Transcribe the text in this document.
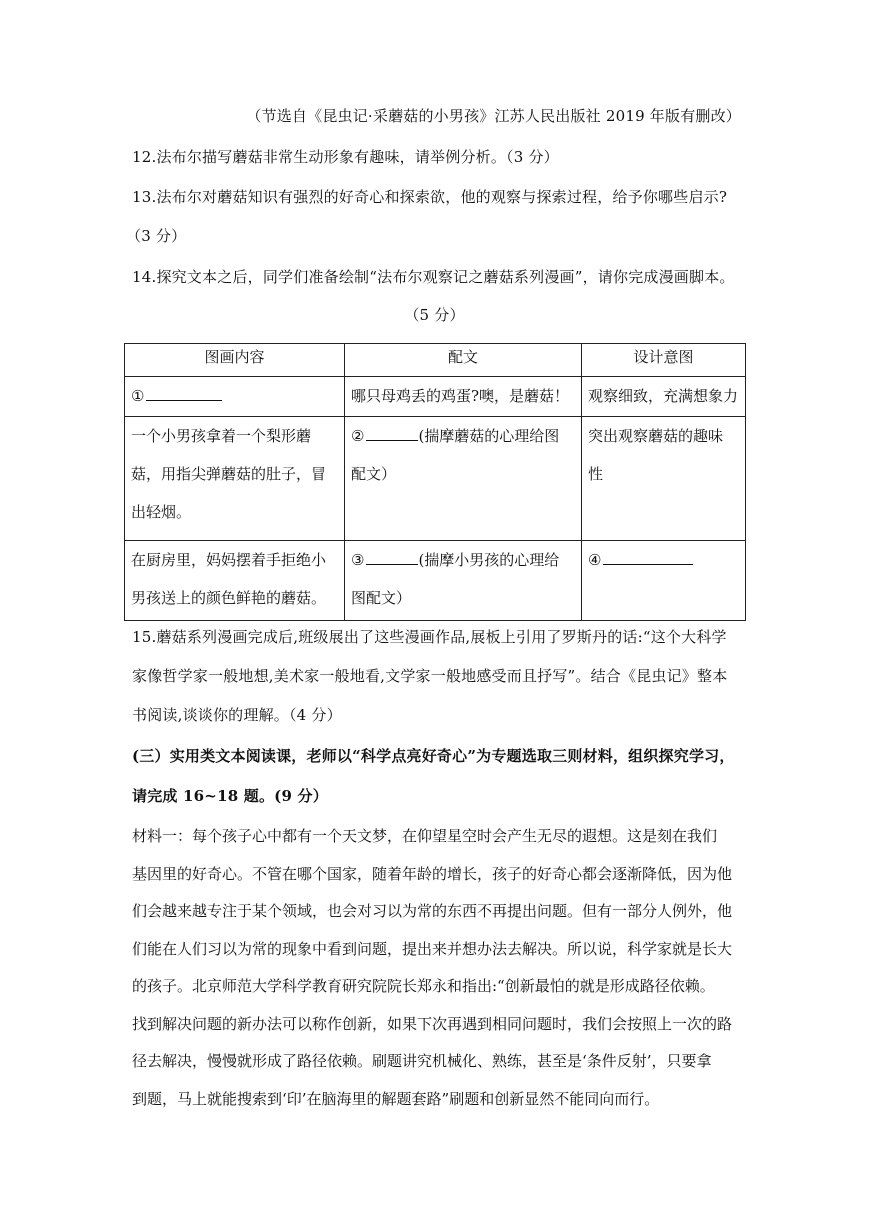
（节选自《昆虫记·采蘑菇的小男孩》江苏人民出版社 2019 年版有删改）
12.法布尔描写蘑菇非常生动形象有趣味，请举例分析。（3 分）
13.法布尔对蘑菇知识有强烈的好奇心和探索欲，他的观察与探索过程，给予你哪些启示?
（3 分）
14.探究文本之后，同学们准备绘制“法布尔观察记之蘑菇系列漫画”，请你完成漫画脚本。
（5 分）
图画内容	配文	设计意图
①	哪只母鸡丢的鸡蛋?噢，是蘑菇！	观察细致，充满想象力

一个小男孩拿着一个梨形蘑
菇，用指尖弹蘑菇的肚子，冒
出轻烟。	② (揣摩蘑菇的心理给图
配文）	突出观察蘑菇的趣味
性

在厨房里，妈妈摆着手拒绝小
男孩送上的颜色鲜艳的蘑菇。	③ (揣摩小男孩的心理给
图配文）	④
15.蘑菇系列漫画完成后,班级展出了这些漫画作品,展板上引用了罗斯丹的话:“这个大科学
家像哲学家一般地想,美术家一般地看,文学家一般地感受而且抒写”。结合《昆虫记》整本
书阅读,谈谈你的理解。（4 分）
(三）实用类文本阅读课，老师以“科学点亮好奇心”为专题选取三则材料，组织探究学习，
请完成 16~18 题。(9 分）
材料一：每个孩子心中都有一个天文梦，在仰望星空时会产生无尽的遐想。这是刻在我们
基因里的好奇心。不管在哪个国家，随着年龄的增长，孩子的好奇心都会逐渐降低，因为他
们会越来越专注于某个领域，也会对习以为常的东西不再提出问题。但有一部分人例外，他
们能在人们习以为常的现象中看到问题，提出来并想办法去解决。所以说，科学家就是长大
的孩子。北京师范大学科学教育研究院院长郑永和指出:“创新最怕的就是形成路径依赖。
找到解决问题的新办法可以称作创新，如果下次再遇到相同问题时，我们会按照上一次的路
径去解决，慢慢就形成了路径依赖。刷题讲究机械化、熟练，甚至是‘条件反射’，只要拿
到题，马上就能搜索到‘印’在脑海里的解题套路”刷题和创新显然不能同向而行。
